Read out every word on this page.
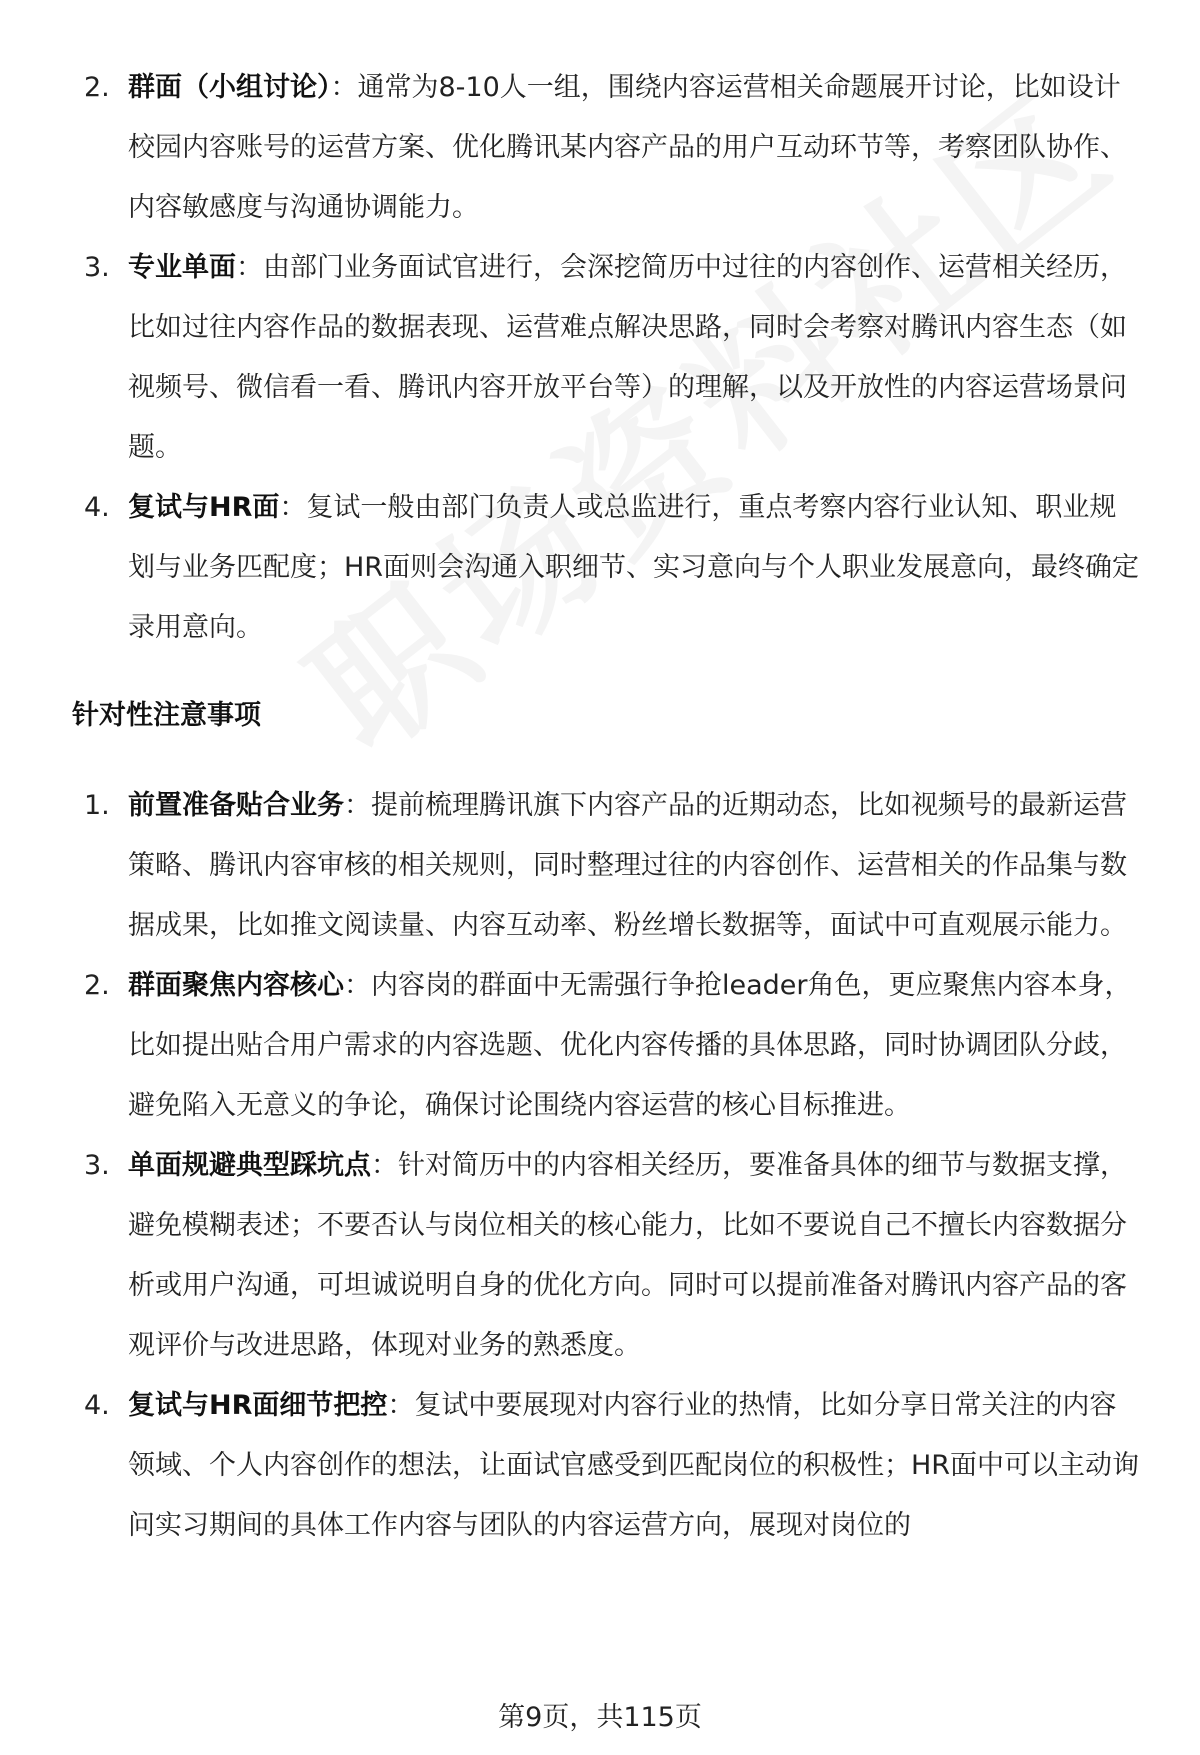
2. 群面（小组讨论）：通常为8-10人一组，围绕内容运营相关命题展开讨论，比如设计校园内容账号的运营方案、优化腾讯某内容产品的用户互动环节等，考察团队协作、内容敏感度与沟通协调能力。
3. 专业单面：由部门业务面试官进行，会深挖简历中过往的内容创作、运营相关经历，比如过往内容作品的数据表现、运营难点解决思路，同时会考察对腾讯内容生态（如视频号、微信看一看、腾讯内容开放平台等）的理解，以及开放性的内容运营场景问题。
4. 复试与HR面：复试一般由部门负责人或总监进行，重点考察内容行业认知、职业规划与业务匹配度；HR面则会沟通入职细节、实习意向与个人职业发展意向，最终确定录用意向。
针对性注意事项
1. 前置准备贴合业务：提前梳理腾讯旗下内容产品的近期动态，比如视频号的最新运营策略、腾讯内容审核的相关规则，同时整理过往的内容创作、运营相关的作品集与数据成果，比如推文阅读量、内容互动率、粉丝增长数据等，面试中可直观展示能力。
2. 群面聚焦内容核心：内容岗的群面中无需强行争抢leader角色，更应聚焦内容本身，比如提出贴合用户需求的内容选题、优化内容传播的具体思路，同时协调团队分歧，避免陷入无意义的争论，确保讨论围绕内容运营的核心目标推进。
3. 单面规避典型踩坑点：针对简历中的内容相关经历，要准备具体的细节与数据支撑，避免模糊表述；不要否认与岗位相关的核心能力，比如不要说自己不擅长内容数据分析或用户沟通，可坦诚说明自身的优化方向。同时可以提前准备对腾讯内容产品的客观评价与改进思路，体现对业务的熟悉度。
4. 复试与HR面细节把控：复试中要展现对内容行业的热情，比如分享日常关注的内容领域、个人内容创作的想法，让面试官感受到匹配岗位的积极性；HR面中可以主动询问实习期间的具体工作内容与团队的内容运营方向，展现对岗位的
第9页，共115页
